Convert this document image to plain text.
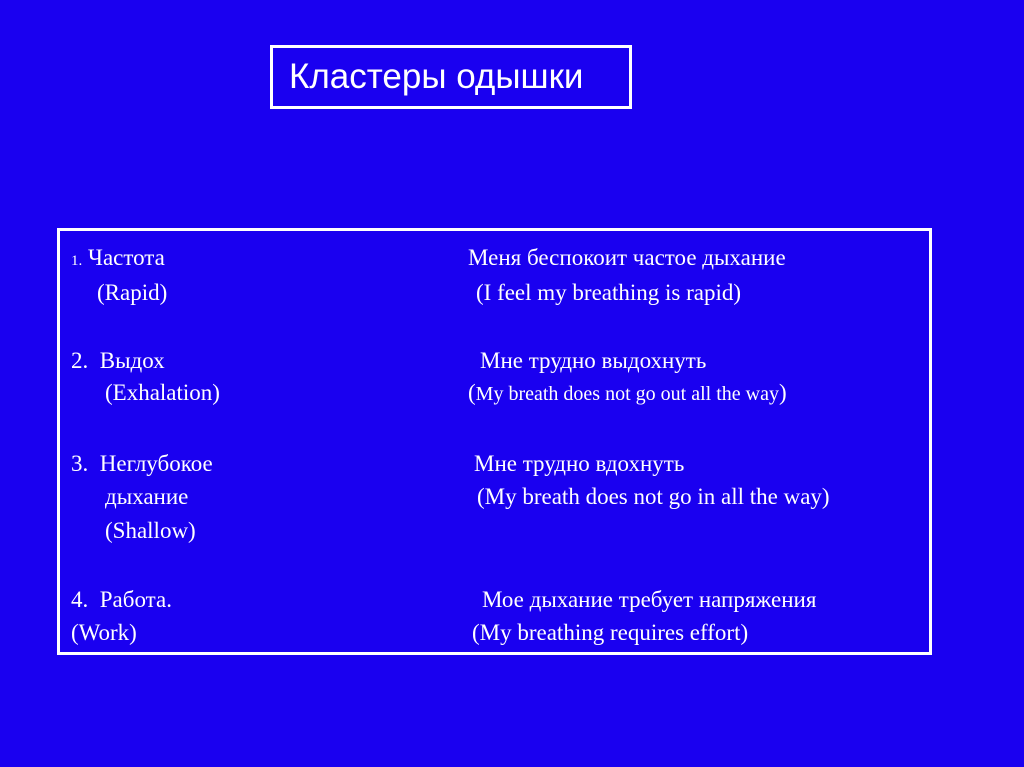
Кластеры одышки
1. Частота
(Rapid)
Меня беспокоит частое дыхание
(I feel my breathing is rapid)
2. Выдох
(Exhalation)
Мне трудно выдохнуть
(My breath does not go out all the way)
3. Неглубокое
дыхание
(Shallow)
Мне трудно вдохнуть
(My breath does not go in all the way)
4. Работа.
(Work)
Мое дыхание требует напряжения
(My breathing requires effort)
